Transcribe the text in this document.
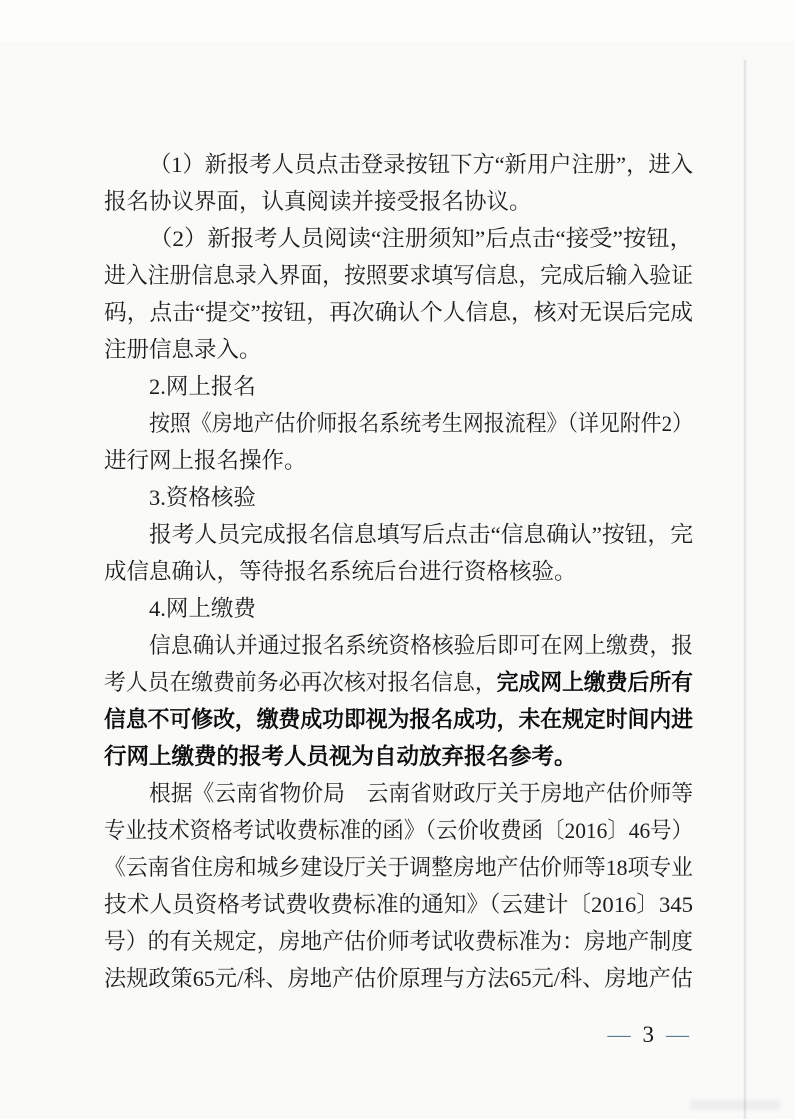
（1）新报考人员点击登录按钮下方“新用户注册”，进入
报名协议界面，认真阅读并接受报名协议。
（2）新报考人员阅读“注册须知”后点击“接受”按钮，
进入注册信息录入界面，按照要求填写信息，完成后输入验证
码，点击“提交”按钮，再次确认个人信息，核对无误后完成
注册信息录入。
2.网上报名
按照《房地产估价师报名系统考生网报流程》（详见附件2）
进行网上报名操作。
3.资格核验
报考人员完成报名信息填写后点击“信息确认”按钮，完
成信息确认，等待报名系统后台进行资格核验。
4.网上缴费
信息确认并通过报名系统资格核验后即可在网上缴费，报
考人员在缴费前务必再次核对报名信息，完成网上缴费后所有
信息不可修改，缴费成功即视为报名成功，未在规定时间内进
行网上缴费的报考人员视为自动放弃报名参考。
根据《云南省物价局　云南省财政厅关于房地产估价师等
专业技术资格考试收费标准的函》（云价收费函〔2016〕46号）
《云南省住房和城乡建设厅关于调整房地产估价师等18项专业
技术人员资格考试费收费标准的通知》（云建计〔2016〕345
号）的有关规定，房地产估价师考试收费标准为：房地产制度
法规政策65元/科、房地产估价原理与方法65元/科、房地产估
— 3 —
